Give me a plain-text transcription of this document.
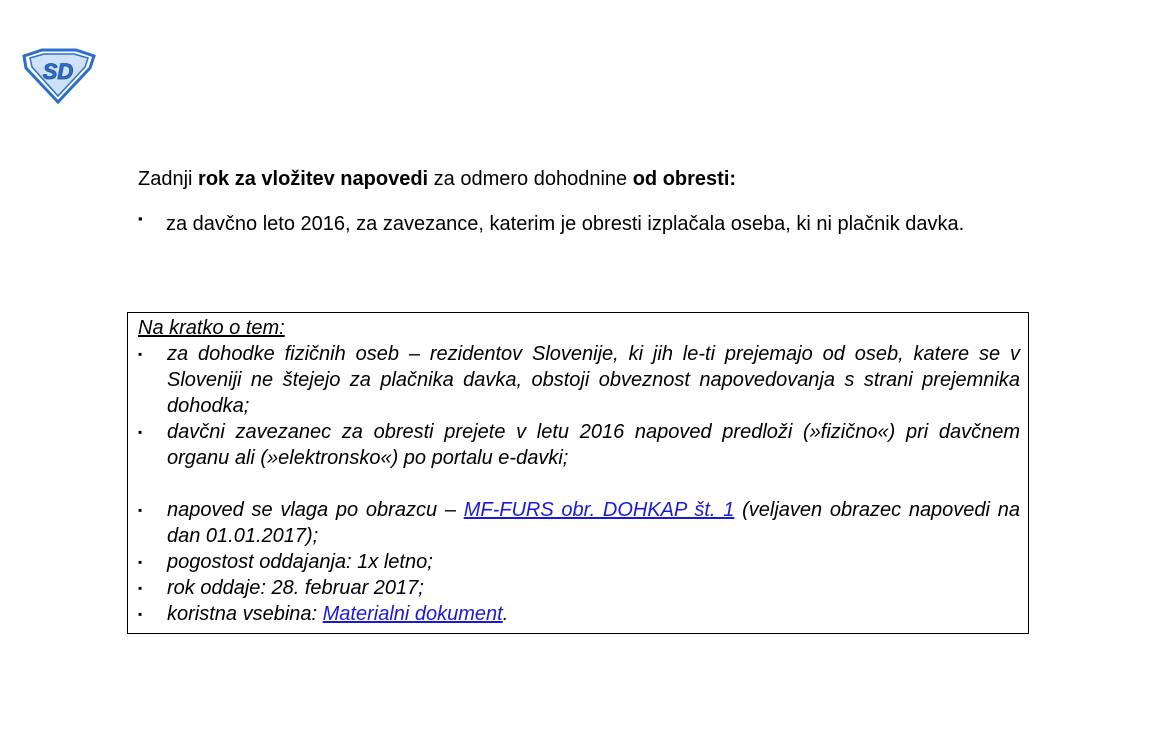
SD
Zadnji rok za vložitev napovedi za odmero dohodnine od obresti:
▪	za davčno leto 2016, za zavezance, katerim je obresti izplačala oseba, ki ni plačnik davka.
Na kratko o tem:
▪	za dohodke fizičnih oseb – rezidentov Slovenije, ki jih le-ti prejemajo od oseb, katere se v Sloveniji ne štejejo za plačnika davka, obstoji obveznost napovedovanja s strani prejemnika dohodka;
▪	davčni zavezanec za obresti prejete v letu 2016 napoved predloži (»fizično«) pri davčnem organu ali (»elektronsko«) po portalu e-davki;
▪	napoved se vlaga po obrazcu – MF-FURS obr. DOHKAP št. 1 (veljaven obrazec napovedi na dan 01.01.2017);
▪	pogostost oddajanja: 1x letno;
▪	rok oddaje: 28. februar 2017;
▪	koristna vsebina: Materialni dokument.
